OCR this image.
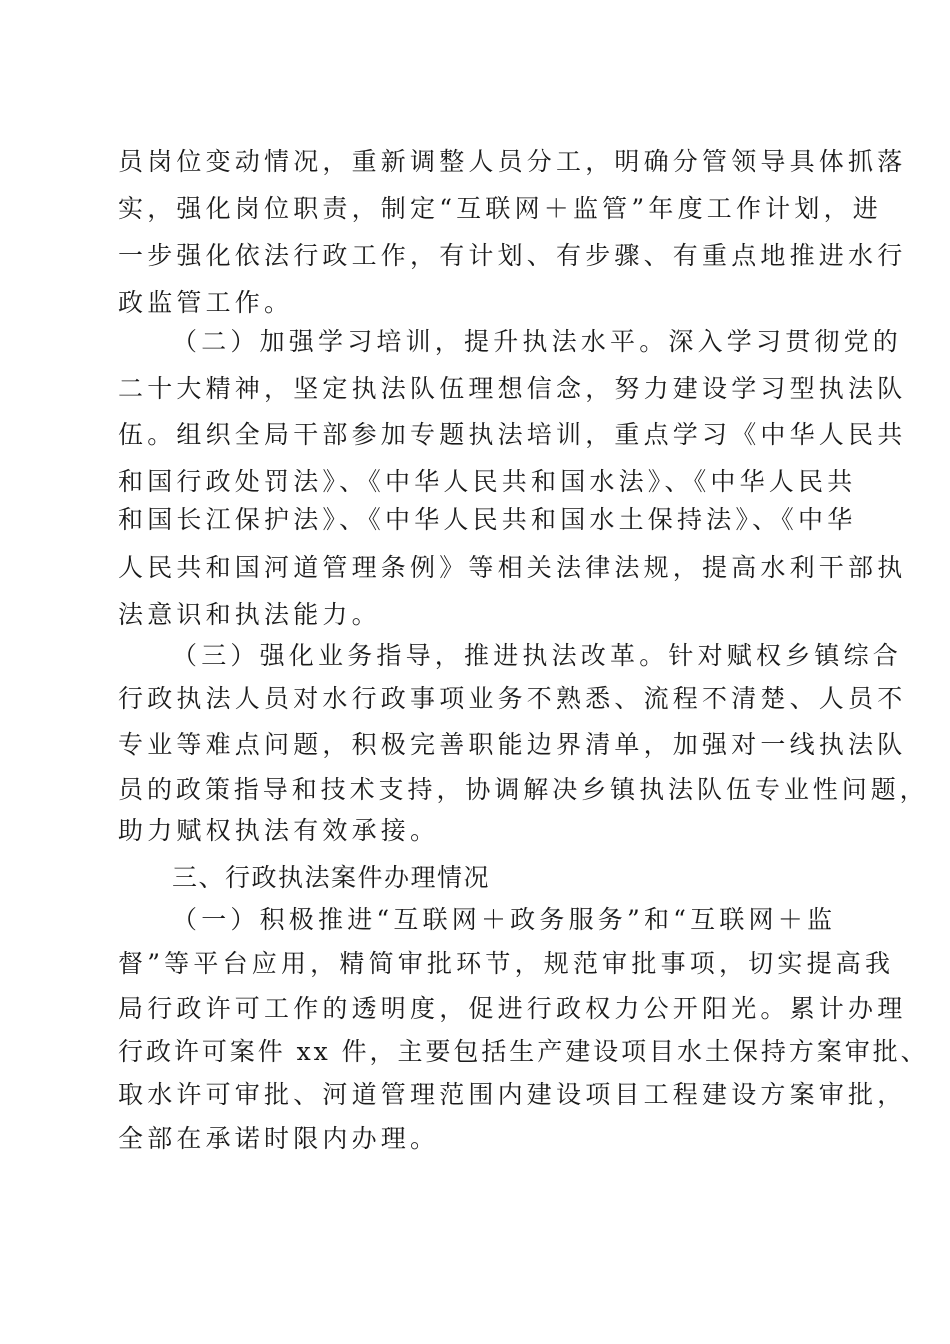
员岗位变动情况，重新调整人员分工，明确分管领导具体抓落

实，强化岗位职责，制定“互联网＋监管”年度工作计划，进

一步强化依法行政工作，有计划、有步骤、有重点地推进水行

政监管工作。

（二）加强学习培训，提升执法水平。深入学习贯彻党的

二十大精神，坚定执法队伍理想信念，努力建设学习型执法队

伍。组织全局干部参加专题执法培训，重点学习《中华人民共

和国行政处罚法》、《中华人民共和国水法》、《中华人民共

和国长江保护法》、《中华人民共和国水土保持法》、《中华

人民共和国河道管理条例》等相关法律法规，提高水利干部执

法意识和执法能力。

（三）强化业务指导，推进执法改革。针对赋权乡镇综合

行政执法人员对水行政事项业务不熟悉、流程不清楚、人员不

专业等难点问题，积极完善职能边界清单，加强对一线执法队

员的政策指导和技术支持，协调解决乡镇执法队伍专业性问题，

助力赋权执法有效承接。

三、行政执法案件办理情况

（一）积极推进“互联网＋政务服务”和“互联网＋监

督”等平台应用，精简审批环节，规范审批事项，切实提高我

局行政许可工作的透明度，促进行政权力公开阳光。累计办理

行政许可案件 xx 件，主要包括生产建设项目水土保持方案审批、

取水许可审批、河道管理范围内建设项目工程建设方案审批，

全部在承诺时限内办理。
